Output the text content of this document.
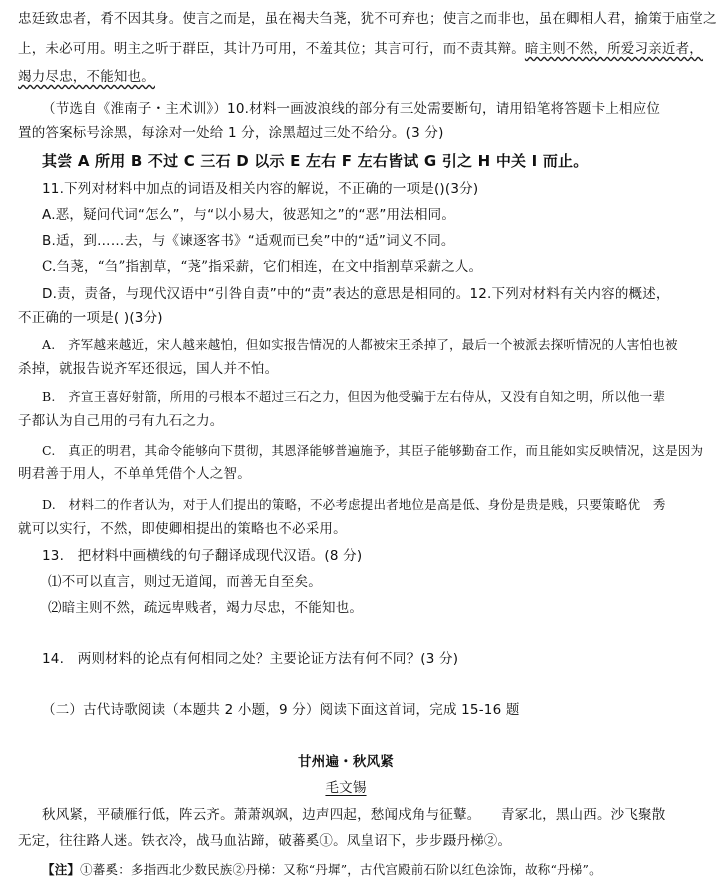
忠廷致忠者，肴不因其身。使言之而是，虽在褐夫刍荛，犹不可弃也；使言之而非也，虽在卿相人君，揄策于庙堂之
上，未必可用。明主之听于群臣，其计乃可用，不羞其位；其言可行，而不责其辩。暗主则不然，所爱习亲近者，
竭力尽忠，不能知也。
（节选自《淮南子・主术训》）10.材料一画波浪线的部分有三处需要断句，请用铅笔将答题卡上相应位
置的答案标号涂黑，每涂对一处给 1 分，涂黑超过三处不给分。(3 分)
其尝 A 所用 B 不过 C 三石 D 以示 E 左右 F 左右皆试 G 引之 H 中关 I 而止。
11.下列对材料中加点的词语及相关内容的解说，不正确的一项是()(3分)
A.恶，疑问代词“怎么”，与“以小易大，彼恶知之”的“恶”用法相同。
B.适，到……去，与《谏逐客书》“适观而已矣”中的“适”词义不同。
C.刍荛，“刍”指割草，“荛”指采薪，它们相连，在文中指割草采薪之人。
D.责，责备，与现代汉语中“引咎自责”中的“责”表达的意思是相同的。12.下列对材料有关内容的概述，
不正确的一项是( )(3分)
A.　齐军越来越近，宋人越来越怕，但如实报告情况的人都被宋王杀掉了，最后一个被派去探听情况的人害怕也被
杀掉，就报告说齐军还很远，国人并不怕。
B.　齐宣王喜好射箭，所用的弓根本不超过三石之力，但因为他受骗于左右侍从，又没有自知之明，所以他一辈
子都认为自己用的弓有九石之力。
C.　真正的明君，其命令能够向下贯彻，其恩泽能够普遍施予，其臣子能够勤奋工作，而且能如实反映情况，这是因为
明君善于用人，不单单凭借个人之智。
D.　材料二的作者认为，对于人们提出的策略，不必考虑提出者地位是高是低、身份是贵是贱，只要策略优　秀
就可以实行，不然，即使卿相提出的策略也不必采用。
13.　把材料中画横线的句子翻译成现代汉语。(8 分)
⑴不可以直言，则过无道闻，而善无自至矣。
⑵暗主则不然，疏远卑贱者，竭力尽忠，不能知也。
14.　两则材料的论点有何相同之处？主要论证方法有何不同？(3 分)
（二）古代诗歌阅读（本题共 2 小题，9 分）阅读下面这首词，完成 15-16 题
甘州遍・秋风紧
毛文锡
秋风紧，平碛雁行低，阵云齐。萧萧飒飒，边声四起，愁闻戍角与征鼙。　　青冢北，黑山西。沙飞聚散
无定，往往路人迷。铁衣冷，战马血沾蹄，破蕃奚①。凤皇诏下，步步蹑丹梯②。
【注】①蕃奚：多指西北少数民族②丹梯：又称“丹墀”，古代宫殿前石阶以红色涂饰，故称“丹梯”。
